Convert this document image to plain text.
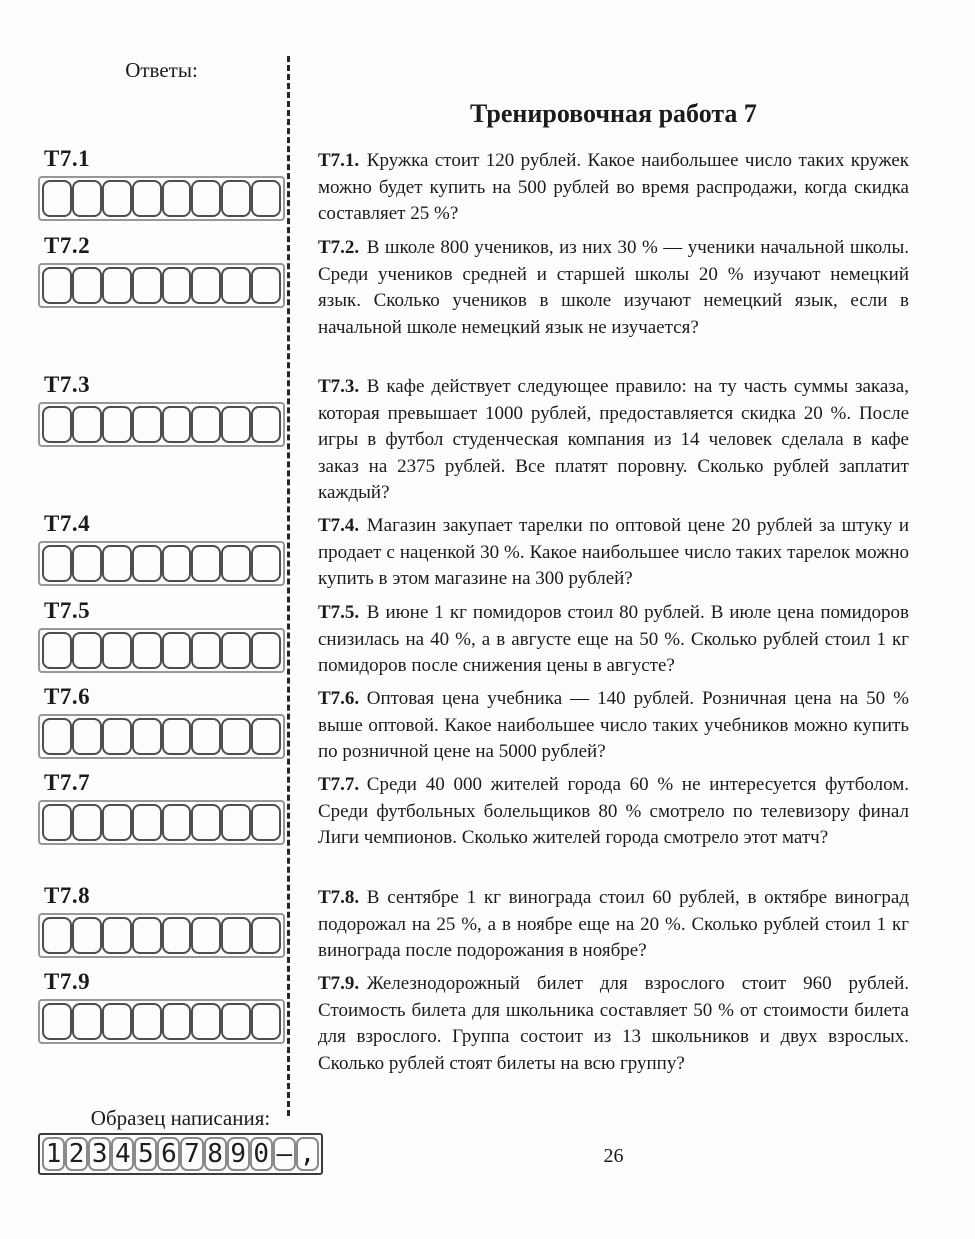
Ответы:
Т7.1
Т7.2
Т7.3
Т7.4
Т7.5
Т7.6
Т7.7
Т7.8
Т7.9
Тренировочная работа 7

Т7.1. Кружка стоит 120 рублей. Какое наибольшее число таких кружек можно будет купить на 500 рублей во время распродажи, когда скидка составляет 25 %?

Т7.2. В школе 800 учеников, из них 30 % — ученики начальной школы. Среди учеников средней и старшей школы 20 % изучают немецкий язык. Сколько учеников в школе изучают немецкий язык, если в начальной школе немецкий язык не изучается?

Т7.3. В кафе действует следующее правило: на ту часть суммы заказа, которая превышает 1000 рублей, предоставляется скидка 20 %. После игры в футбол студенческая компания из 14 человек сделала в кафе заказ на 2375 рублей. Все платят поровну. Сколько рублей заплатит каждый?

Т7.4. Магазин закупает тарелки по оптовой цене 20 рублей за штуку и продает с наценкой 30 %. Какое наибольшее число таких тарелок можно купить в этом магазине на 300 рублей?

Т7.5. В июне 1 кг помидоров стоил 80 рублей. В июле цена помидоров снизилась на 40 %, а в августе еще на 50 %. Сколько рублей стоил 1 кг помидоров после снижения цены в августе?

Т7.6. Оптовая цена учебника — 140 рублей. Розничная цена на 50 % выше оптовой. Какое наибольшее число таких учебников можно купить по розничной цене на 5000 рублей?

Т7.7. Среди 40 000 жителей города 60 % не интересуется футболом. Среди футбольных болельщиков 80 % смотрело по телевизору финал Лиги чемпионов. Сколько жителей города смотрело этот матч?

Т7.8. В сентябре 1 кг винограда стоил 60 рублей, в октябре виноград подорожал на 25 %, а в ноябре еще на 20 %. Сколько рублей стоил 1 кг винограда после подорожания в ноябре?

Т7.9. Железнодорожный билет для взрослого стоит 960 рублей. Стоимость билета для школьника составляет 50 % от стоимости билета для взрослого. Группа состоит из 13 школьников и двух взрослых. Сколько рублей стоят билеты на всю группу?

Образец написания:
1 2 3 4 5 6 7 8 9 0 — ,	26
